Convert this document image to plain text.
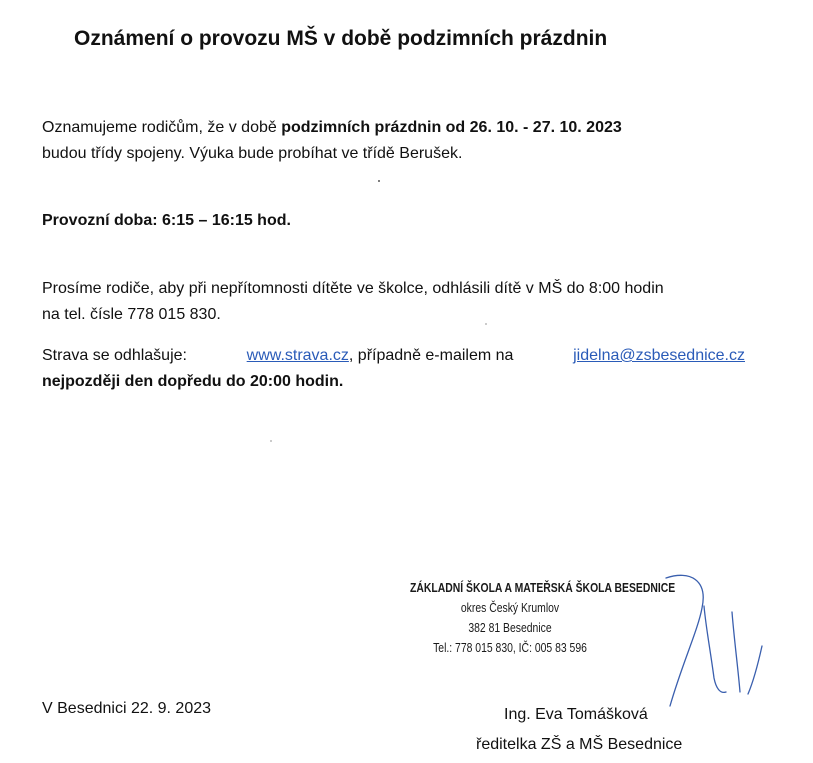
Oznámení o provozu MŠ v době podzimních prázdnin

Oznamujeme rodičům, že v době podzimních prázdnin od 26. 10. - 27. 10. 2023
budou třídy spojeny. Výuka bude probíhat ve třídě Berušek.

Provozní doba: 6:15 – 16:15 hod.

Prosíme rodiče, aby při nepřítomnosti dítěte ve školce, odhlásili dítě v MŠ do 8:00 hodin
na tel. čísle 778 015 830.

Strava se odhlašuje:	www.strava.cz, případně e-mailem na	jidelna@zsbesednice.cz
nejpozději den dopředu do 20:00 hodin.
ZÁKLADNÍ ŠKOLA A MATEŘSKÁ ŠKOLA BESEDNICE
okres Český Krumlov
382 81 Besednice
Tel.: 778 015 830, IČ: 005 83 596
V Besednici 22. 9. 2023	Ing. Eva Tomášková
ředitelka ZŠ a MŠ Besednice
